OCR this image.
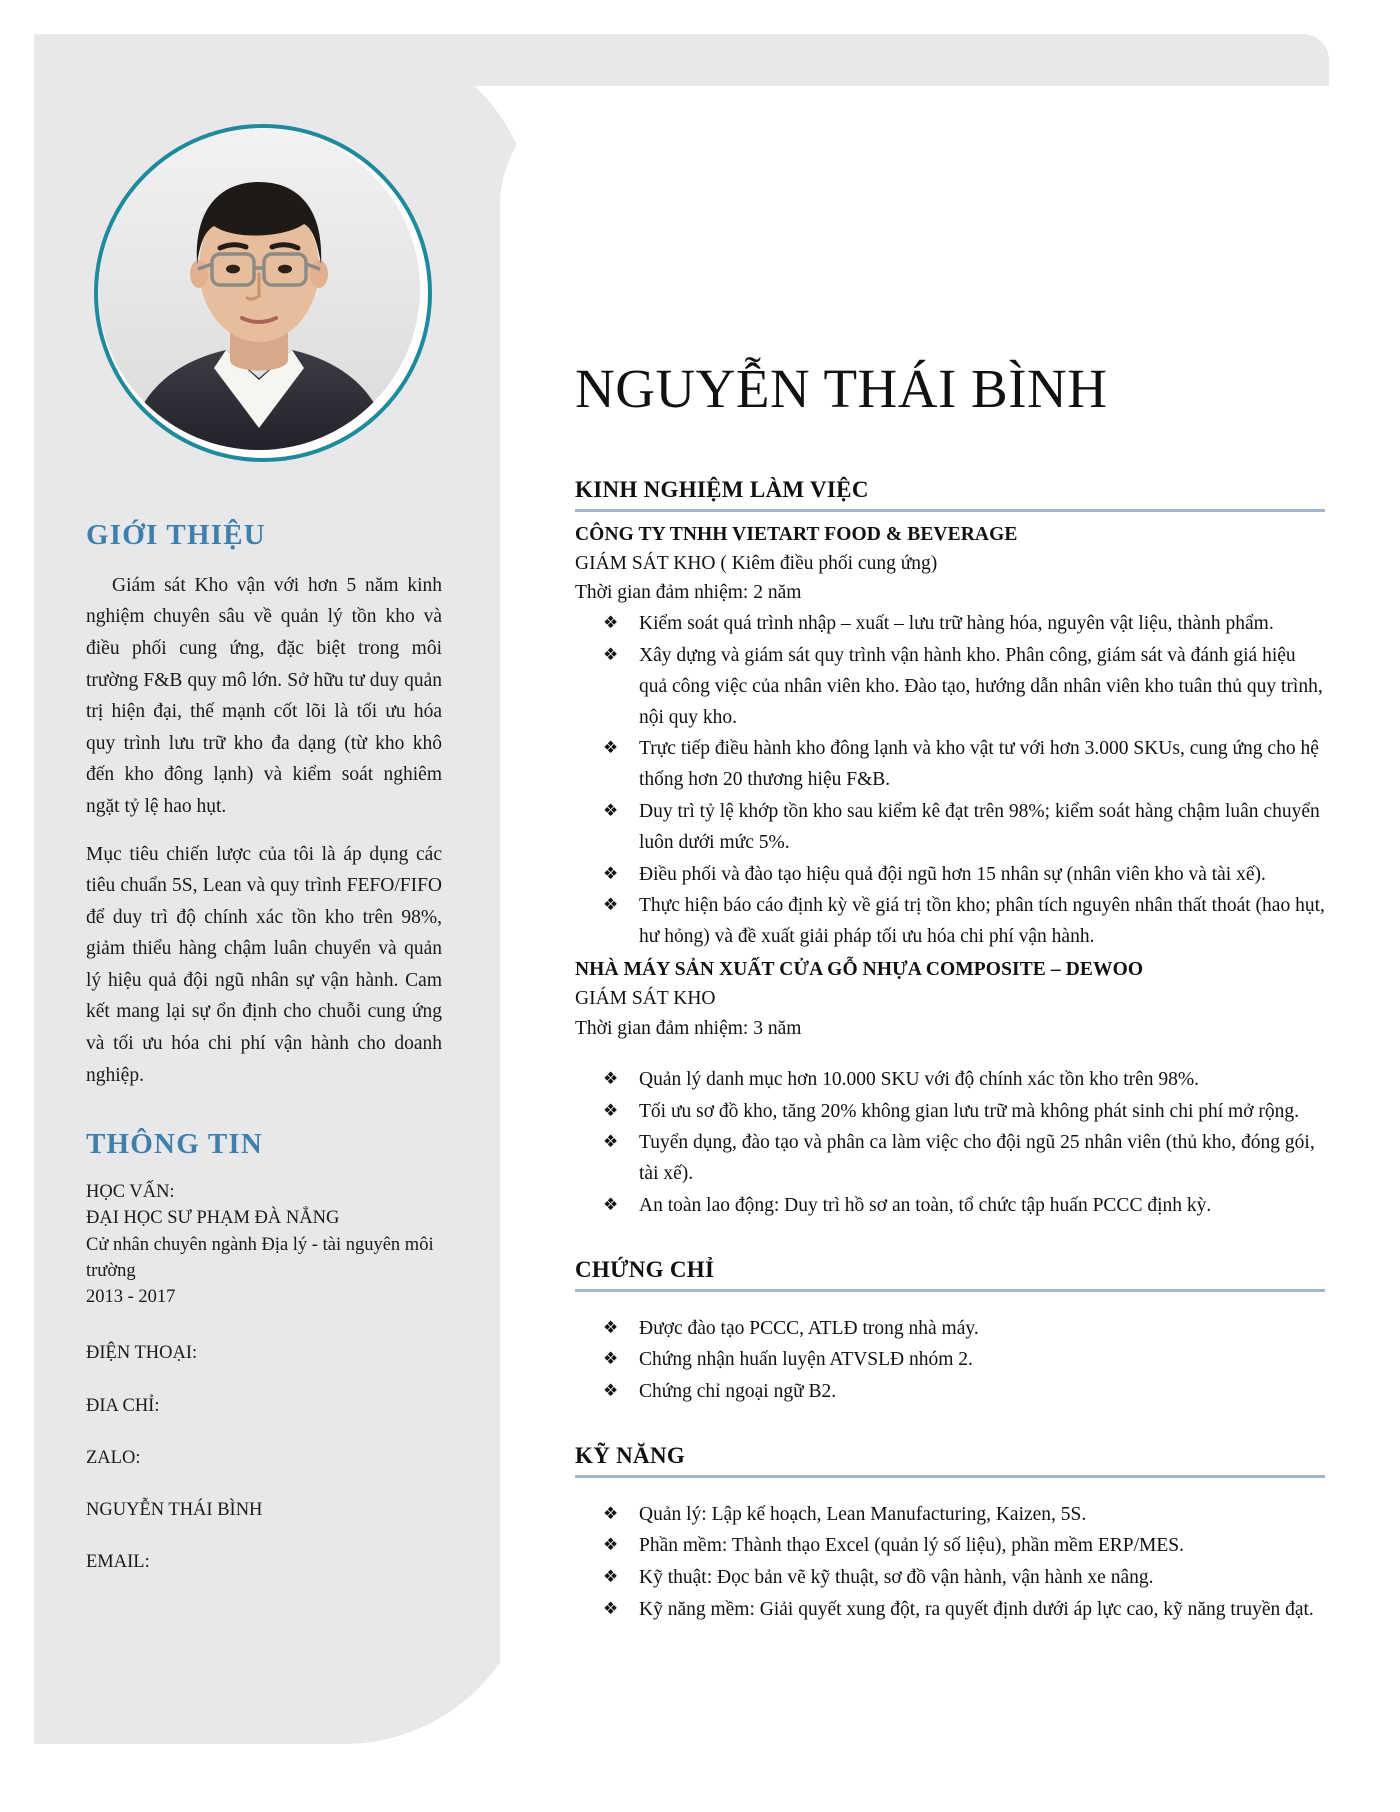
GIỚI THIỆU

Giám sát Kho vận với hơn 5 năm kinh nghiệm chuyên sâu về quản lý tồn kho và điều phối cung ứng, đặc biệt trong môi trường F&B quy mô lớn. Sở hữu tư duy quản trị hiện đại, thế mạnh cốt lõi là tối ưu hóa quy trình lưu trữ kho đa dạng (từ kho khô đến kho đông lạnh) và kiểm soát nghiêm ngặt tỷ lệ hao hụt.

Mục tiêu chiến lược của tôi là áp dụng các tiêu chuẩn 5S, Lean và quy trình FEFO/FIFO để duy trì độ chính xác tồn kho trên 98%, giảm thiểu hàng chậm luân chuyển và quản lý hiệu quả đội ngũ nhân sự vận hành. Cam kết mang lại sự ổn định cho chuỗi cung ứng và tối ưu hóa chi phí vận hành cho doanh nghiệp.

THÔNG TIN

HỌC VẤN:

ĐẠI HỌC SƯ PHẠM ĐÀ NẲNG

Cử nhân chuyên ngành Địa lý - tài nguyên môi trường

2013 - 2017

ĐIỆN THOẠI:

ĐIA CHỈ:

ZALO:

NGUYỄN THÁI BÌNH

EMAIL:

NGUYỄN THÁI BÌNH
KINH NGHIỆM LÀM VIỆC
CÔNG TY TNHH VIETART FOOD & BEVERAGE
GIÁM SÁT KHO ( Kiêm điều phối cung ứng)
Thời gian đảm nhiệm: 2 năm
❖ Kiểm soát quá trình nhập – xuất – lưu trữ hàng hóa, nguyên vật liệu, thành phẩm.
❖ Xây dựng và giám sát quy trình vận hành kho. Phân công, giám sát và đánh giá hiệu quả công việc của nhân viên kho. Đào tạo, hướng dẫn nhân viên kho tuân thủ quy trình, nội quy kho.
❖ Trực tiếp điều hành kho đông lạnh và kho vật tư với hơn 3.000 SKUs, cung ứng cho hệ thống hơn 20 thương hiệu F&B.
❖ Duy trì tỷ lệ khớp tồn kho sau kiểm kê đạt trên 98%; kiểm soát hàng chậm luân chuyển luôn dưới mức 5%.
❖ Điều phối và đào tạo hiệu quả đội ngũ hơn 15 nhân sự (nhân viên kho và tài xế).
❖ Thực hiện báo cáo định kỳ về giá trị tồn kho; phân tích nguyên nhân thất thoát (hao hụt, hư hỏng) và đề xuất giải pháp tối ưu hóa chi phí vận hành.
NHÀ MÁY SẢN XUẤT CỬA GỖ NHỰA COMPOSITE – DEWOO
GIÁM SÁT KHO
Thời gian đảm nhiệm: 3 năm
❖ Quản lý danh mục hơn 10.000 SKU với độ chính xác tồn kho trên 98%.
❖ Tối ưu sơ đồ kho, tăng 20% không gian lưu trữ mà không phát sinh chi phí mở rộng.
❖ Tuyển dụng, đào tạo và phân ca làm việc cho đội ngũ 25 nhân viên (thủ kho, đóng gói, tài xế).
❖ An toàn lao động: Duy trì hồ sơ an toàn, tổ chức tập huấn PCCC định kỳ.
CHỨNG CHỈ
❖ Được đào tạo PCCC, ATLĐ trong nhà máy.
❖ Chứng nhận huấn luyện ATVSLĐ nhóm 2.
❖ Chứng chỉ ngoại ngữ B2.
KỸ NĂNG
❖ Quản lý: Lập kế hoạch, Lean Manufacturing, Kaizen, 5S.
❖ Phần mềm: Thành thạo Excel (quản lý số liệu), phần mềm ERP/MES.
❖ Kỹ thuật: Đọc bản vẽ kỹ thuật, sơ đồ vận hành, vận hành xe nâng.
❖ Kỹ năng mềm: Giải quyết xung đột, ra quyết định dưới áp lực cao, kỹ năng truyền đạt.
